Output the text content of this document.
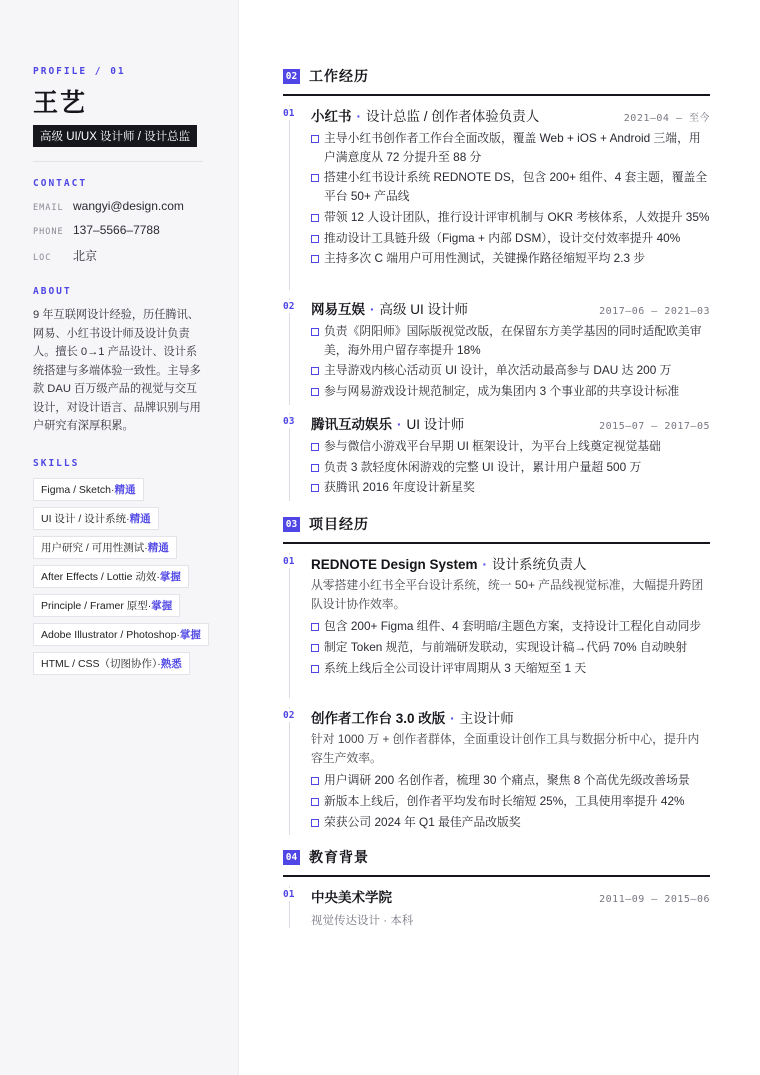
PROFILE / 01
王艺
高级 UI/UX 设计师 / 设计总监
CONTACT
EMAIL wangyi@design.com
PHONE 137–5566–7788
LOC	北京
ABOUT

9 年互联网设计经验，历任腾讯、网易、小红书设计师及设计负责人。擅长 0→1 产品设计、设计系统搭建与多端体验一致性。主导多款 DAU 百万级产品的视觉与交互设计，对设计语言、品牌识别与用户研究有深厚积累。

SKILLS
Figma / Sketch·精通
UI 设计 / 设计系统·精通
用户研究 / 可用性测试·精通
After Effects / Lottie 动效·掌握
Principle / Framer 原型·掌握
Adobe Illustrator / Photoshop·掌握
HTML / CSS（切图协作）·熟悉
02 工作经历
01 小红书 · 设计总监 / 创作者体验负责人	2021–04 — 至今
主导小红书创作者工作台全面改版，覆盖 Web + iOS + Android 三端，用户满意度从 72 分提升至 88 分
搭建小红书设计系统 REDNOTE DS，包含 200+ 组件、4 套主题，覆盖全平台 50+ 产品线
带领 12 人设计团队，推行设计评审机制与 OKR 考核体系，人效提升 35%
推动设计工具链升级（Figma + 内部 DSM），设计交付效率提升 40%
主持多次 C 端用户可用性测试，关键操作路径缩短平均 2.3 步
02 网易互娱 · 高级 UI 设计师	2017–06 — 2021–03
负责《阴阳师》国际版视觉改版，在保留东方美学基因的同时适配欧美审美，海外用户留存率提升 18%
主导游戏内核心活动页 UI 设计，单次活动最高参与 DAU 达 200 万
参与网易游戏设计规范制定，成为集团内 3 个事业部的共享设计标准
03 腾讯互动娱乐 · UI 设计师	2015–07 — 2017–05
参与微信小游戏平台早期 UI 框架设计，为平台上线奠定视觉基础
负责 3 款轻度休闲游戏的完整 UI 设计，累计用户量超 500 万
获腾讯 2016 年度设计新星奖
03 项目经历
01 REDNOTE Design System · 设计系统负责人

从零搭建小红书全平台设计系统，统一 50+ 产品线视觉标准，大幅提升跨团队设计协作效率。

包含 200+ Figma 组件、4 套明暗/主题色方案，支持设计工程化自动同步
制定 Token 规范，与前端研发联动，实现设计稿→代码 70% 自动映射
系统上线后全公司设计评审周期从 3 天缩短至 1 天
02 创作者工作台 3.0 改版 · 主设计师

针对 1000 万 + 创作者群体，全面重设计创作工具与数据分析中心，提升内容生产效率。

用户调研 200 名创作者，梳理 30 个痛点，聚焦 8 个高优先级改善场景
新版本上线后，创作者平均发布时长缩短 25%，工具使用率提升 42%
荣获公司 2024 年 Q1 最佳产品改版奖
04 教育背景
01 中央美术学院	2011–09 — 2015–06
视觉传达设计 · 本科
